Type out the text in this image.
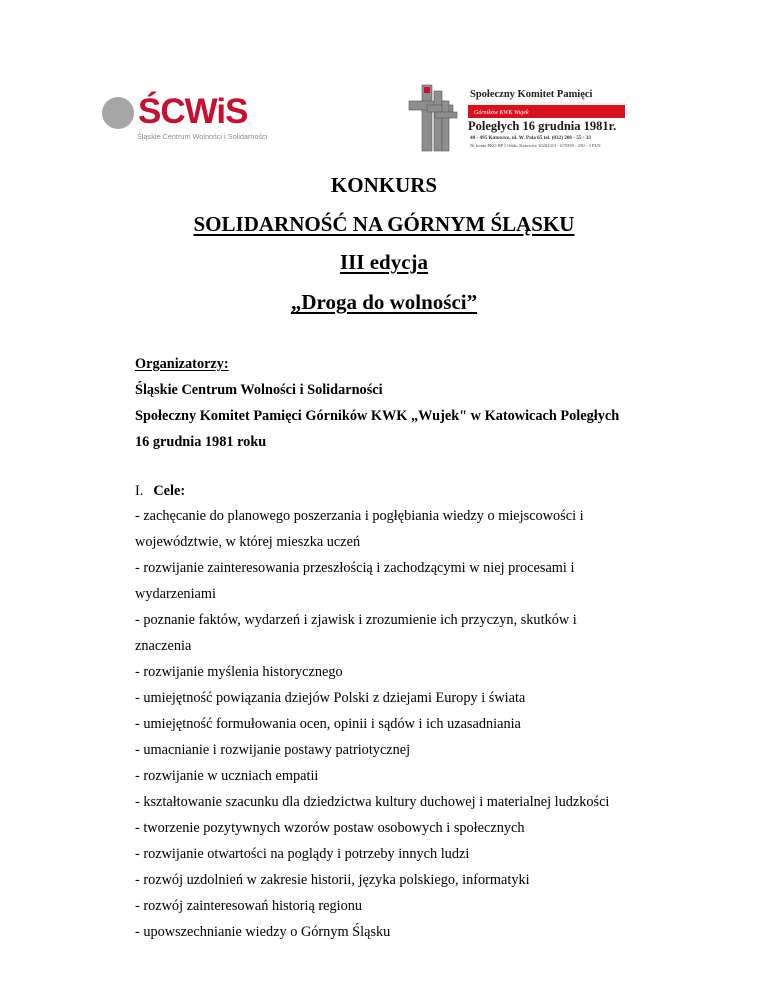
ŚCWiS
Śląskie Centrum Wolności i Solidarności
Społeczny Komitet Pamięci
Górników KWK Wujek
Poległych 16 grudnia 1981r.
40 - 495 Katowice, ul. W. Pola 65 tel. (032) 206 - 55 - 33
Nr konta PKO BP I Oddz. Katowice 10202313 - 670350 - 230 - 3 PLN
KONKURS
SOLIDARNOŚĆ NA GÓRNYM ŚLĄSKU
III edycja
„Droga do wolności”
Organizatorzy:
Śląskie Centrum Wolności i Solidarności
Społeczny Komitet Pamięci Górników KWK „Wujek" w Katowicach Poległych
16 grudnia 1981 roku
I. Cele:
- zachęcanie do planowego poszerzania i pogłębiania wiedzy o miejscowości i
województwie, w której mieszka uczeń
- rozwijanie zainteresowania przeszłością i zachodzącymi w niej procesami i
wydarzeniami
- poznanie faktów, wydarzeń i zjawisk i zrozumienie ich przyczyn, skutków i
znaczenia
- rozwijanie myślenia historycznego
- umiejętność powiązania dziejów Polski z dziejami Europy i świata
- umiejętność formułowania ocen, opinii i sądów i ich uzasadniania
- umacnianie i rozwijanie postawy patriotycznej
- rozwijanie w uczniach empatii
- kształtowanie szacunku dla dziedzictwa kultury duchowej i materialnej ludzkości
- tworzenie pozytywnych wzorów postaw osobowych i społecznych
- rozwijanie otwartości na poglądy i potrzeby innych ludzi
- rozwój uzdolnień w zakresie historii, języka polskiego, informatyki
- rozwój zainteresowań historią regionu
- upowszechnianie wiedzy o Górnym Śląsku
